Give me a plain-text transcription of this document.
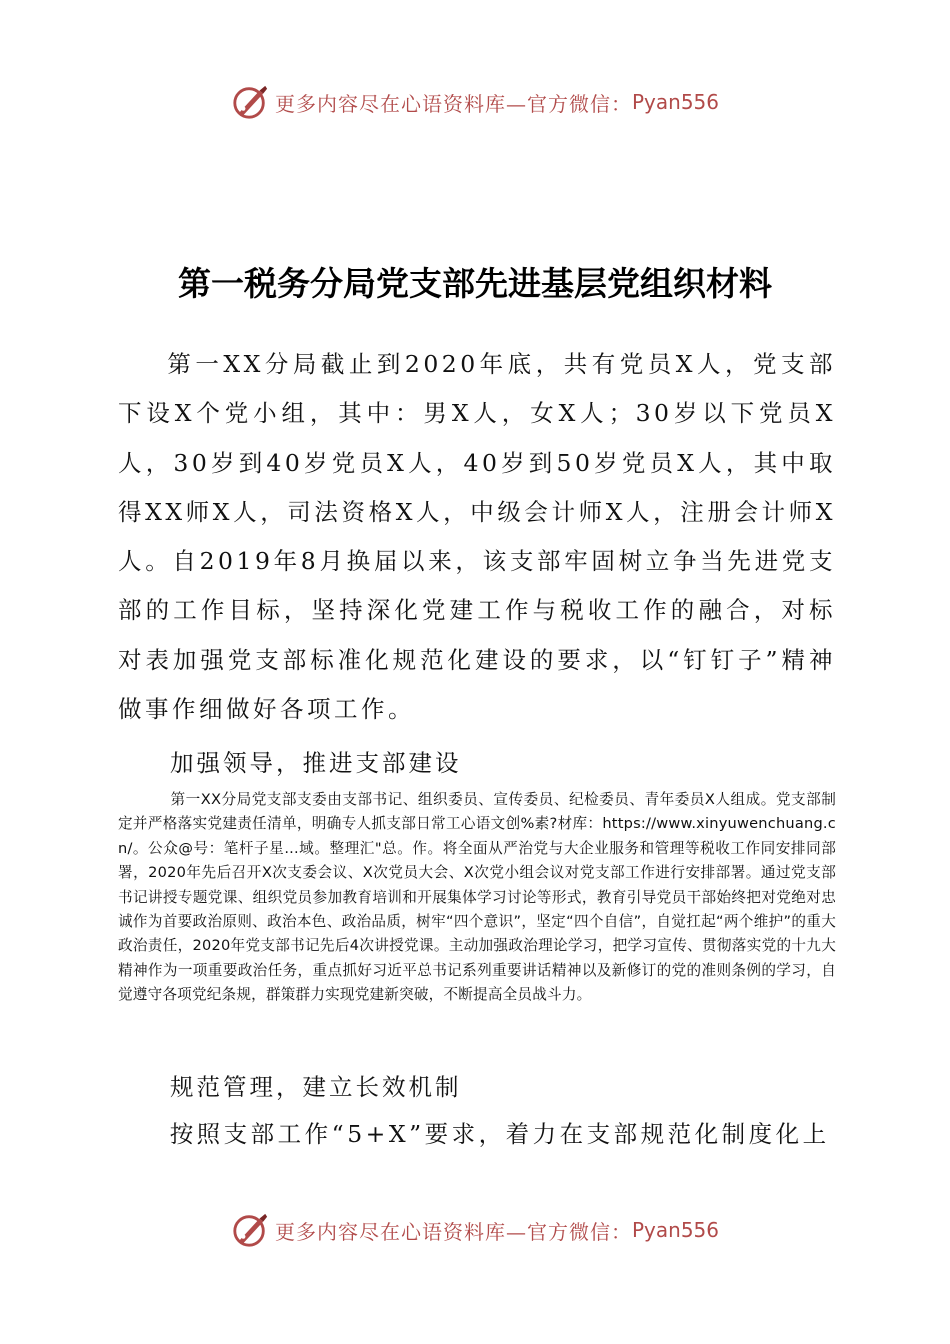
更多内容尽在心语资料库—官方微信： Pyan556
第一税务分局党支部先进基层党组织材料

第一XX分局截止到2020年底，共有党员X人，党支部下设X个党小组，其中：男X人，女X人；30岁以下党员X人，30岁到40岁党员X人，40岁到50岁党员X人，其中取得XX师X人，司法资格X人，中级会计师X人，注册会计师X人。自2019年8月换届以来，该支部牢固树立争当先进党支部的工作目标，坚持深化党建工作与税收工作的融合，对标对表加强党支部标准化规范化建设的要求，以“钉钉子”精神做事作细做好各项工作。

加强领导，推进支部建设

第一XX分局党支部支委由支部书记、组织委员、宣传委员、纪检委员、青年委员X人组成。党支部制定并严格落实党建责任清单，明确专人抓支部日常工心语文创%素?材库：https://www.xinyuwenchuang.cn/。公众@号：笔杆子星...域。整理汇"总。作。将全面从严治党与大企业服务和管理等税收工作同安排同部署，2020年先后召开X次支委会议、X次党员大会、X次党小组会议对党支部工作进行安排部署。通过党支部书记讲授专题党课、组织党员参加教育培训和开展集体学习讨论等形式，教育引导党员干部始终把对党绝对忠诚作为首要政治原则、政治本色、政治品质，树牢“四个意识”，坚定“四个自信”，自觉扛起“两个维护”的重大政治责任，2020年党支部书记先后4次讲授党课。主动加强政治理论学习，把学习宣传、贯彻落实党的十九大精神作为一项重要政治任务，重点抓好习近平总书记系列重要讲话精神以及新修订的党的准则条例的学习，自觉遵守各项党纪条规，群策群力实现党建新突破，不断提高全员战斗力。

规范管理，建立长效机制

按照支部工作“5+X”要求，着力在支部规范化制度化上

更多内容尽在心语资料库—官方微信： Pyan556
